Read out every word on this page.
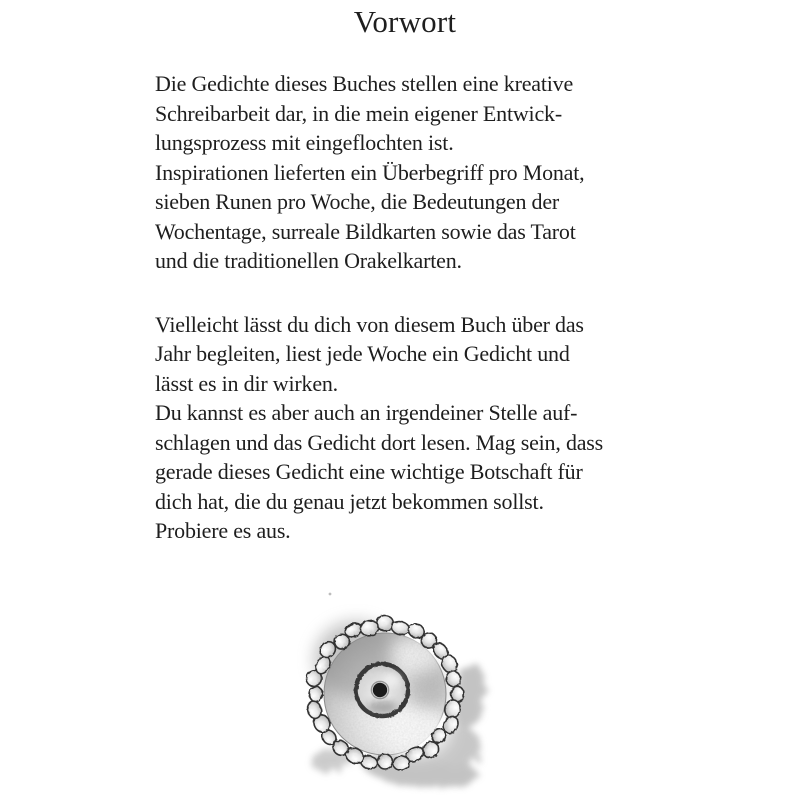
Vorwort

Die Gedichte dieses Buches stellen eine kreative
Schreibarbeit dar, in die mein eigener Entwick-
lungsprozess mit eingeflochten ist.
Inspirationen lieferten ein Überbegriff pro Monat,
sieben Runen pro Woche, die Bedeutungen der
Wochentage, surreale Bildkarten sowie das Tarot
und die traditionellen Orakelkarten.

Vielleicht lässt du dich von diesem Buch über das
Jahr begleiten, liest jede Woche ein Gedicht und
lässt es in dir wirken.
Du kannst es aber auch an irgendeiner Stelle auf-
schlagen und das Gedicht dort lesen. Mag sein, dass
gerade dieses Gedicht eine wichtige Botschaft für
dich hat, die du genau jetzt bekommen sollst.
Probiere es aus.
